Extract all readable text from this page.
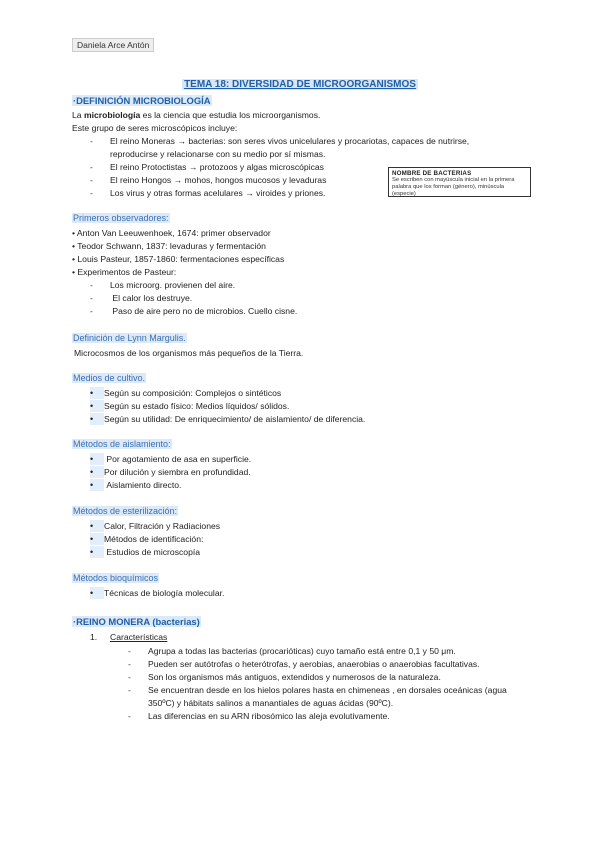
Daniela Arce Antón
TEMA 18: DIVERSIDAD DE MICROORGANISMOS
·DEFINICIÓN MICROBIOLOGÍA
La microbiología es la ciencia que estudia los microorganismos.
Este grupo de seres microscópicos incluye:
- El reino Moneras → bacterias: son seres vivos unicelulares y procariotas, capaces de nutrirse,
reproducirse y relacionarse con su medio por sí mismas.
- El reino Protoctistas → protozoos y algas microscópicas
- El reino Hongos → mohos, hongos mucosos y levaduras
- Los virus y otras formas acelulares → viroides y priones.
NOMBRE DE BACTERIAS
Se escriben con mayúscula inicial en la primera palabra que los forman (género), minúscula (especie)
Primeros observadores:
• Anton Van Leeuwenhoek, 1674: primer observador
• Teodor Schwann, 1837: levaduras y fermentación
• Louis Pasteur, 1857-1860: fermentaciones específicas
• Experimentos de Pasteur:
- Los microorg. provienen del aire.
- El calor los destruye.
- Paso de aire pero no de microbios. Cuello cisne.
Definición de Lynn Margulis.
Microcosmos de los organismos más pequeños de la Tierra.
Medios de cultivo.
• Según su composición: Complejos o sintéticos
• Según su estado físico: Medios líquidos/ sólidos.
• Según su utilidad: De enriquecimiento/ de aislamiento/ de diferencia.
Métodos de aislamiento:
• Por agotamiento de asa en superficie.
• Por dilución y siembra en profundidad.
• Aislamiento directo.
Métodos de esterilización:
• Calor, Filtración y Radiaciones
• Métodos de identificación:
• Estudios de microscopía
Métodos bioquímicos
• Técnicas de biología molecular.
·REINO MONERA (bacterias)
1. Características
- Agrupa a todas las bacterias (procarióticas) cuyo tamaño está entre 0,1 y 50 μm.
- Pueden ser autótrofas o heterótrofas, y aerobias, anaerobias o anaerobias facultativas.
- Son los organismos más antiguos, extendidos y numerosos de la naturaleza.
- Se encuentran desde en los hielos polares hasta en chimeneas , en dorsales oceánicas (agua
350ºC) y hábitats salinos a manantiales de aguas ácidas (90ºC).
- Las diferencias en su ARN ribosómico las aleja evolutivamente.
